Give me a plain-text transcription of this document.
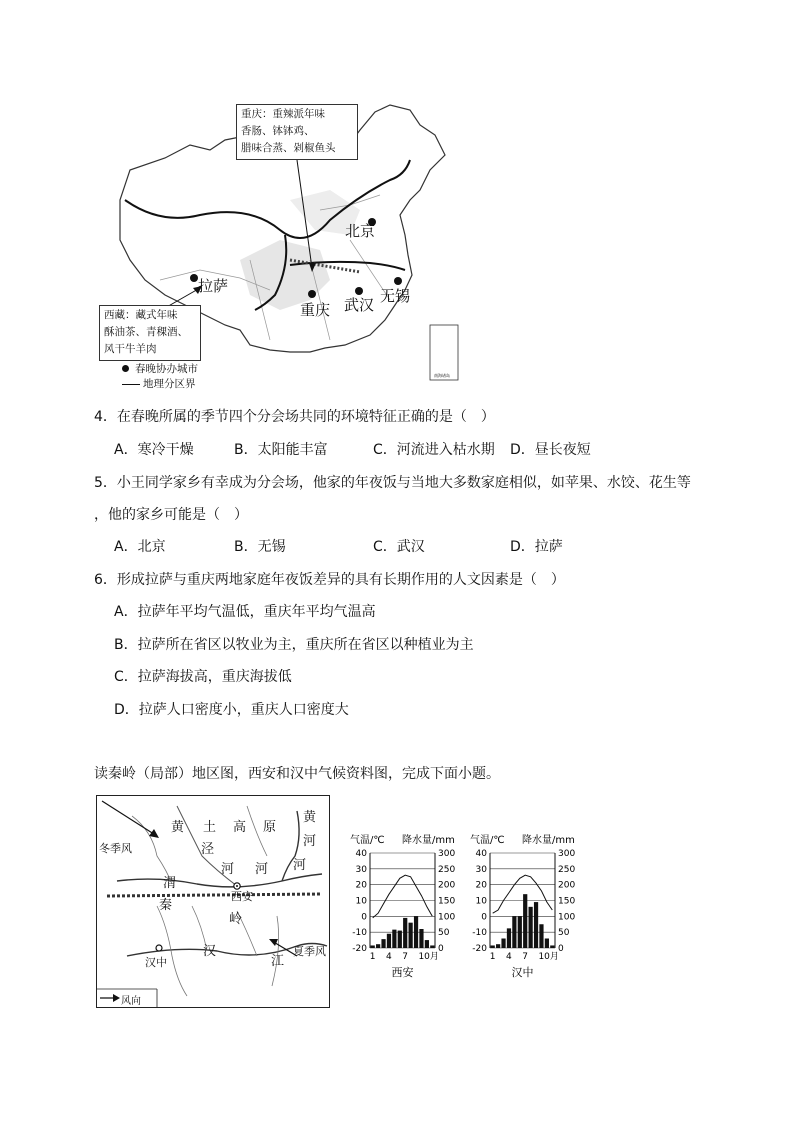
南海诸岛
重庆：重辣派年味
香肠、钵钵鸡、
腊味合蒸、剁椒鱼头
西藏：藏式年味
酥油茶、青稞酒、
风干牛羊肉
北京
拉萨
重庆 武汉 无锡
春晚协办城市
地理分区界
4．在春晚所属的季节四个分会场共同的环境特征正确的是（　）
A．寒冷干燥	B．太阳能丰富	C．河流进入枯水期 D．昼长夜短
5．小王同学家乡有幸成为分会场，他家的年夜饭与当地大多数家庭相似，如苹果、水饺、花生等
，他的家乡可能是（　）
A．北京	B．无锡	C．武汉	D．拉萨
6．形成拉萨与重庆两地家庭年夜饭差异的具有长期作用的人文因素是（　）
A．拉萨年平均气温低，重庆年平均气温高
B．拉萨所在省区以牧业为主，重庆所在省区以种植业为主
C．拉萨海拔高，重庆海拔低
D．拉萨人口密度小，重庆人口密度大
读秦岭（局部）地区图，西安和汉中气候资料图，完成下面小题。
冬季风
黄 土 高 原
黄
河
泾
河 河 河
渭
西安
秦
岭
汉
汉中	江
夏季风
风向
气温/℃ 降水量/mm
40	300
30	250
20	200
10	150
0	100
-10	50
-20	0
1 4 7 10月
西安
气温/℃ 降水量/mm
40	300
30	250
20	200
10	150
0	100
-10	50
-20	0
1 4 7 10月
汉中
